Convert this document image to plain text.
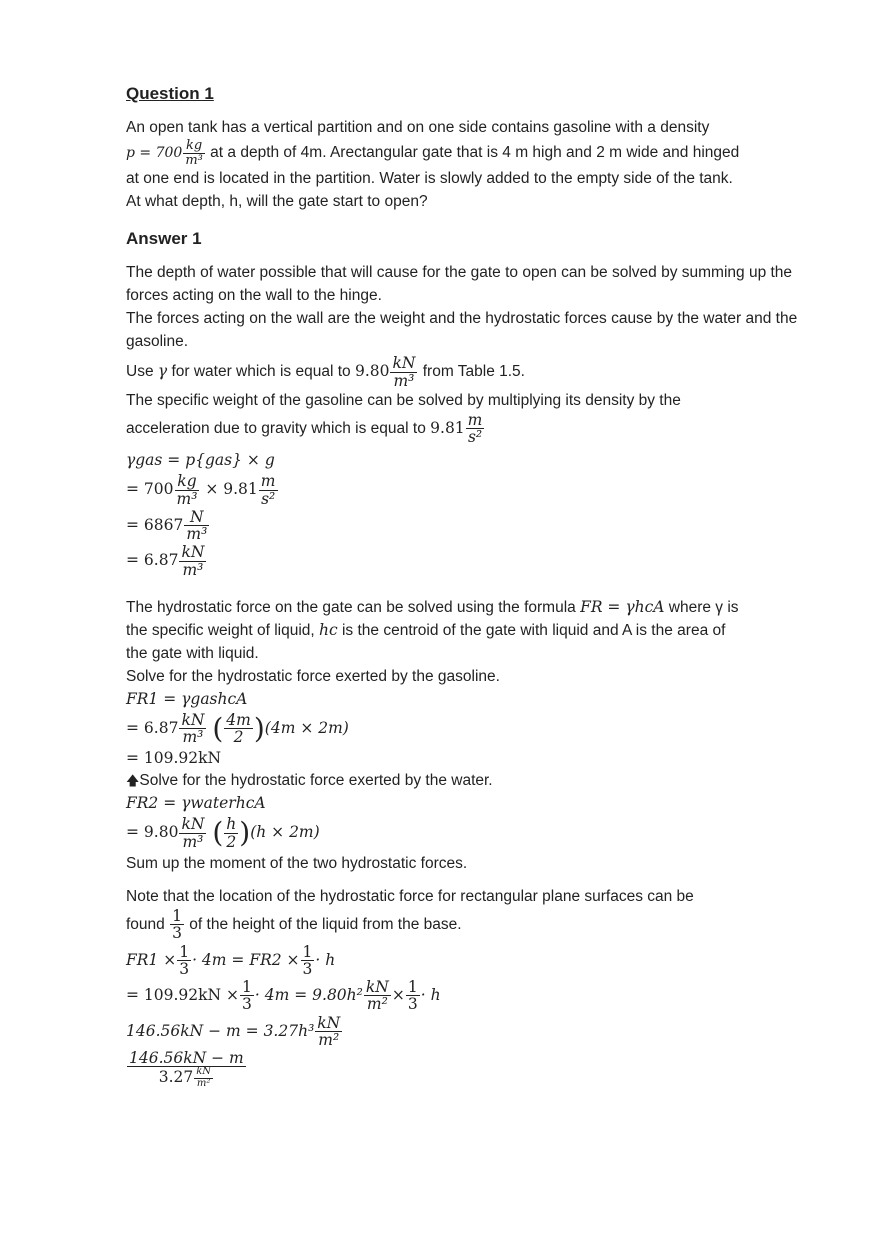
Question 1
An open tank has a vertical partition and on one side contains gasoline with a density
$p = 700 \frac{kg}{\text{m³}}$ at a depth of 4m. Arectangular gate that is 4 m high and 2 m wide and hinged
at one end is located in the partition. Water is slowly added to the empty side of the tank.
At what depth, h, will the gate start to open?
Answer 1
The depth of water possible that will cause for the gate to open can be solved by summing up the forces acting on the wall to the hinge.
The forces acting on the wall are the weight and the hydrostatic forces cause by the water and the gasoline.
Use γ for water which is equal to $9.80 \frac{kN}{\text{m³}}$ from Table 1.5.
The specific weight of the gasoline can be solved by multiplying its density by the
acceleration due to gravity which is equal to $9.81 \frac{m}{\text{s²}}$
γgas = p{gas} × g
= $700 \frac{kg}{\text{m³}} \times 9.81 \frac{m}{\text{s²}}$
= $6867 \frac{N}{\text{m³}}$
= $6.87 \frac{kN}{\text{m³}}$
The hydrostatic force on the gate can be solved using the formula FR = γhcA where γ is
the specific weight of liquid, hc is the centroid of the gate with liquid and A is the area of
the gate with liquid.
Solve for the hydrostatic force exerted by the gasoline.
FR1 = γgashcA
= $6.87 \frac{kN}{\text{m³}}$ ( $\frac{4m}{2} )(4m \times 2m)$
= 109.92kN
🡅Solve for the hydrostatic force exerted by the water.
FR2 = γwaterhcA
= $9.80 \frac{kN}{\text{m³}}$ ( $\frac{h}{2} )(h \times 2m)$
Sum up the moment of the two hydrostatic forces.
Note that the location of the hydrostatic force for rectangular plane surfaces can be
found $\frac{1}{3}$ of the height of the liquid from the base.
$FR1 \times \frac{1}{3} \cdot 4m = FR2 \times \frac{1}{3} \cdot h$
= $109.92kN \times \frac{1}{3} \cdot 4m = 9.80h^2 \frac{kN}{\text{m²}} \times \frac{1}{3} \cdot h$
$146.56kN - m = 3.27h^3 \frac{kN}{\text{m²}}$
$\frac{146.56kN - m}{3.27 \frac{kN}{\text{m²}}}$
